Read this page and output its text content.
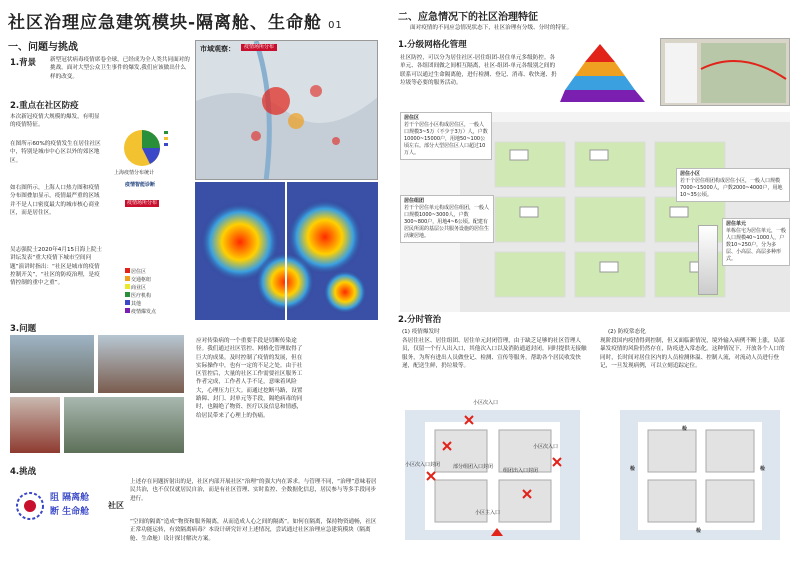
社区治理应急建筑模块-隔离舱、生命舱 01
一、问题与挑战
1.背景 新型冠状病毒疫情席卷全球，已经成为全人类共同面对的挑战。面对大型公众卫生事件的爆发,我们应该做出什么样的改变。
2.重点在社区防疫
本次新冠疫情大规模的爆发，有明显的疫情特征。
在图所示60%的疫情发生在居住社区中，特别是城市中心区以外的郊区地区。
如右图所示，上海人口热力图和疫情分布图叠加显示，疫情最严重的区域并不是人口密度最大的城市核心商业区，而是居住区。
吴志强院士2020年4月15日海上院士讲坛发表“重大疫情下城市空间问题”演讲时指出：“社区是城市的疫情控制开关”，“社区的防疫治理，是疫情控制的重中之重”。
上海疫情分布统计
市域观察：	疫情场所分布
疫情智能诊断
疫情场所分布
居住区
交通枢纽
商业区
医疗机构
其他
疫情爆发点
3.问题
应对传染病的一个重要手段是切断传染途径。我们通过社区管控、网格化管理取得了巨大的成果。及时控制了疫情的发展，但在实际操作中，也有一定的不足之处。由于社区管控后，大量的社区工作需要社区服务工作者完成，工作者人手不足，意味着风险大，心理压力巨大。而通过挖断马路，设置路障、封门、封单元等手段，隔绝病毒的同时，也隔绝了物资、医疗以及信息和情感，给居民带来了心理上的伤痛。
4.挑战
阻 隔离舱
断 生命舱
社区
上述存在问题折射出的是，社区内部开展社区“治理”的强大内在诉求。与管理不同，“治理”意味着居民共治，也不仅仅就居民自治，而是有社区管理、实时监控、全数据化信息，居民参与等多手段同步进行。
“空间的隔离”造成“物资和服务隔离，从而造成人心之间的隔离”。如何在隔离，保持物资通畅，社区正常功能运转，有效隔离病毒？本设计研究针对上述情况，尝试通过社区治理应急建筑模块（隔离舱、生命舱）设计探讨解决方案。
二、应急情况下的社区治理特征
面对疫情的不同应急情况状态下，社区治理有分级、分时的特征。
1.分级网格化管理
社区防控，可以分为居住社区-居住组团-居住单元多级防控。各单元、各组团间做之间相互隔离，社区-组团-单元各级别之间的联系可以通过生命隔离舱，进行检测、登记、消毒、收快递、扔垃圾等必要的服务活动。
居住区
若干个居住小区构成居住区，一般人口规模3~5万（不少于3万）人，户数10000~15000户，用地50~100公顷左右。部分大型居住区人口超过10万人。
居住组团
若干个居住单元构成居住组团，一般人口规模1000~3000人，户数300~800户，用地4~6公顷。配建有居民所需的基层公共服务设施的居住生活聚居地。
居住小区
若干个居住组团构成居住小区，一般人口规模 7000~15000人，户数2000~4000户，用地10~35公顷。
居住单元
单栋住宅为居住单元，一般人口规模40~1000人，户数10~250户，分为多层、小高层、高层多种形式。
2.分时管治
(1) 疫情爆发时
各居住社区、居住组团、居住单元封闭管理，由于缺乏足够的社区管理人员，仅留一个行人出入口，其他次入口以及消防通道封闭。同时提供无接触服务，为所有进出人员做登记、检测、宣传等服务。帮助各个居民收发快递，配送生鲜，扔垃圾等。
(2) 防疫常态化
现阶段国内疫情得到控制，但又面临新情况，境外输入病例不断上涨，局部暴发疫情的风险仍然存在，防疫进入常态化。这种情况下，开放各个人口的同时，长时间对居住区内的人员检测体温、控制人流，对流动人员进行登记，一旦发现病例，可以立刻追踪定位。
小区次入口
小区次入口封闭
小区次入口
部分组团入口封闭
组团出入口封闭
小区主入口
检
检	检
检
